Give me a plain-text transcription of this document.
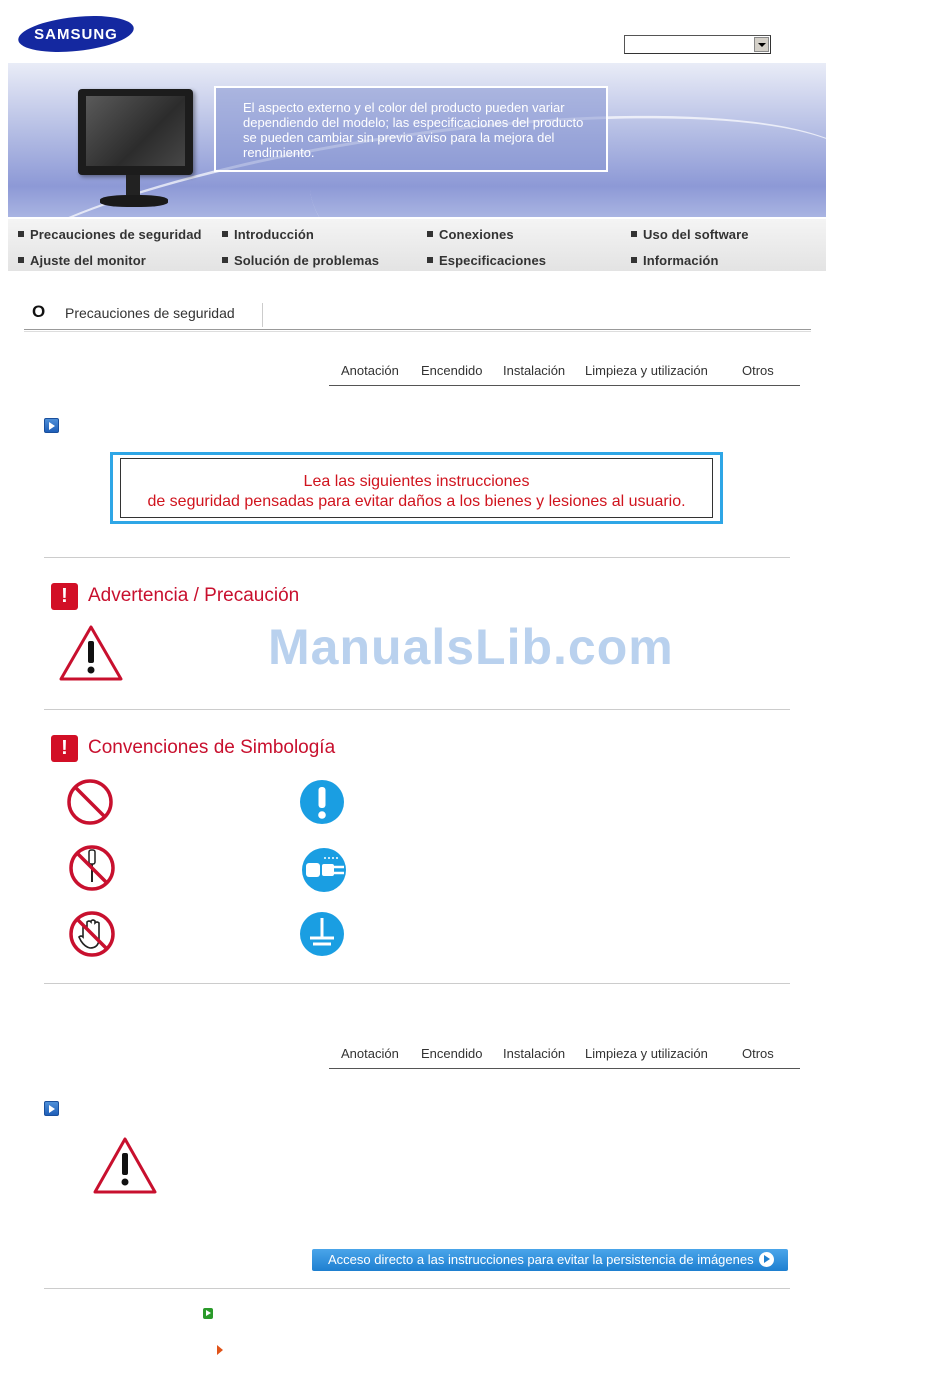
SAMSUNG
El aspecto externo y el color del producto pueden variar dependiendo del modelo; las especificaciones del producto se pueden cambiar sin previo aviso para la mejora del rendimiento.
Precauciones de seguridad	Introducción	Conexiones	Uso del software
Ajuste del monitor	Solución de problemas	Especificaciones	Información
O Precauciones de seguridad
Anotación Encendido Instalación Limpieza y utilización	Otros
Lea las siguientes instrucciones
de seguridad pensadas para evitar daños a los bienes y lesiones al usuario.
!	Advertencia / Precaución
ManualsLib.com
!	Convenciones de Simbología
Anotación Encendido Instalación Limpieza y utilización	Otros
Acceso directo a las instrucciones para evitar la persistencia de imágenes
